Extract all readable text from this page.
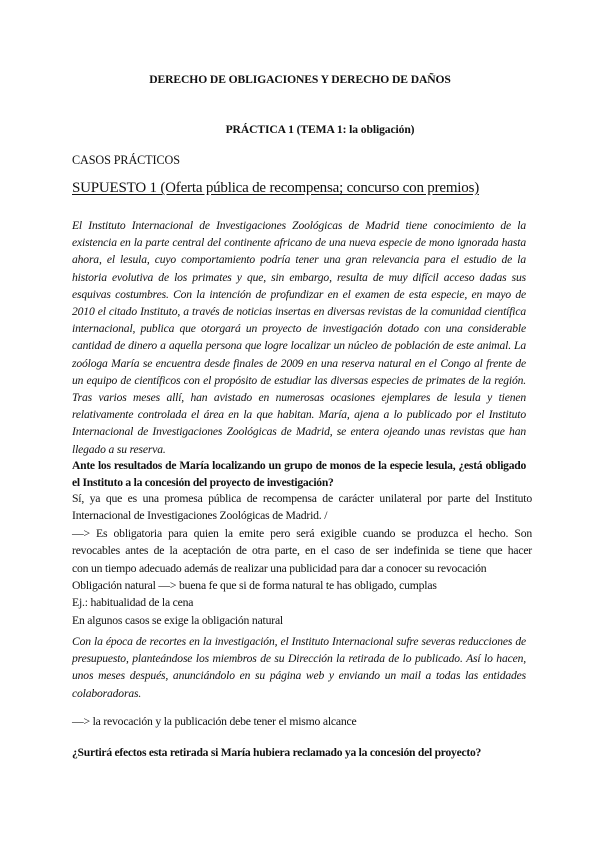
DERECHO DE OBLIGACIONES Y DERECHO DE DAÑOS
PRÁCTICA 1 (TEMA 1: la obligación)
CASOS PRÁCTICOS
SUPUESTO 1 (Oferta pública de recompensa; concurso con premios)
El Instituto Internacional de Investigaciones Zoológicas de Madrid tiene conocimiento de la existencia en la parte central del continente africano de una nueva especie de mono ignorada hasta ahora, el lesula, cuyo comportamiento podría tener una gran relevancia para el estudio de la historia evolutiva de los primates y que, sin embargo, resulta de muy difícil acceso dadas sus esquivas costumbres. Con la intención de profundizar en el examen de esta especie, en mayo de 2010 el citado Instituto, a través de noticias insertas en diversas revistas de la comunidad científica internacional, publica que otorgará un proyecto de investigación dotado con una considerable cantidad de dinero a aquella persona que logre localizar un núcleo de población de este animal. La zoóloga María se encuentra desde finales de 2009 en una reserva natural en el Congo al frente de un equipo de científicos con el propósito de estudiar las diversas especies de primates de la región. Tras varios meses allí, han avistado en numerosas ocasiones ejemplares de lesula y tienen relativamente controlada el área en la que habitan. María, ajena a lo publicado por el Instituto Internacional de Investigaciones Zoológicas de Madrid, se entera ojeando unas revistas que han llegado a su reserva.
Ante los resultados de María localizando un grupo de monos de la especie lesula, ¿está obligado el Instituto a la concesión del proyecto de investigación?
Sí, ya que es una promesa pública de recompensa de carácter unilateral por parte del Instituto
Internacional de Investigaciones Zoológicas de Madrid. /
—> Es obligatoria para quien la emite pero será exigible cuando se produzca el hecho. Son
revocables antes de la aceptación de otra parte, en el caso de ser indefinida se tiene que hacer
con un tiempo adecuado además de realizar una publicidad para dar a conocer su revocación
Obligación natural —> buena fe que si de forma natural te has obligado, cumplas
Ej.: habitualidad de la cena
En algunos casos se exige la obligación natural
Con la época de recortes en la investigación, el Instituto Internacional sufre severas reducciones de presupuesto, planteándose los miembros de su Dirección la retirada de lo publicado. Así lo hacen, unos meses después, anunciándolo en su página web y enviando un mail a todas las entidades colaboradoras.
—> la revocación y la publicación debe tener el mismo alcance
¿Surtirá efectos esta retirada si María hubiera reclamado ya la concesión del proyecto?
